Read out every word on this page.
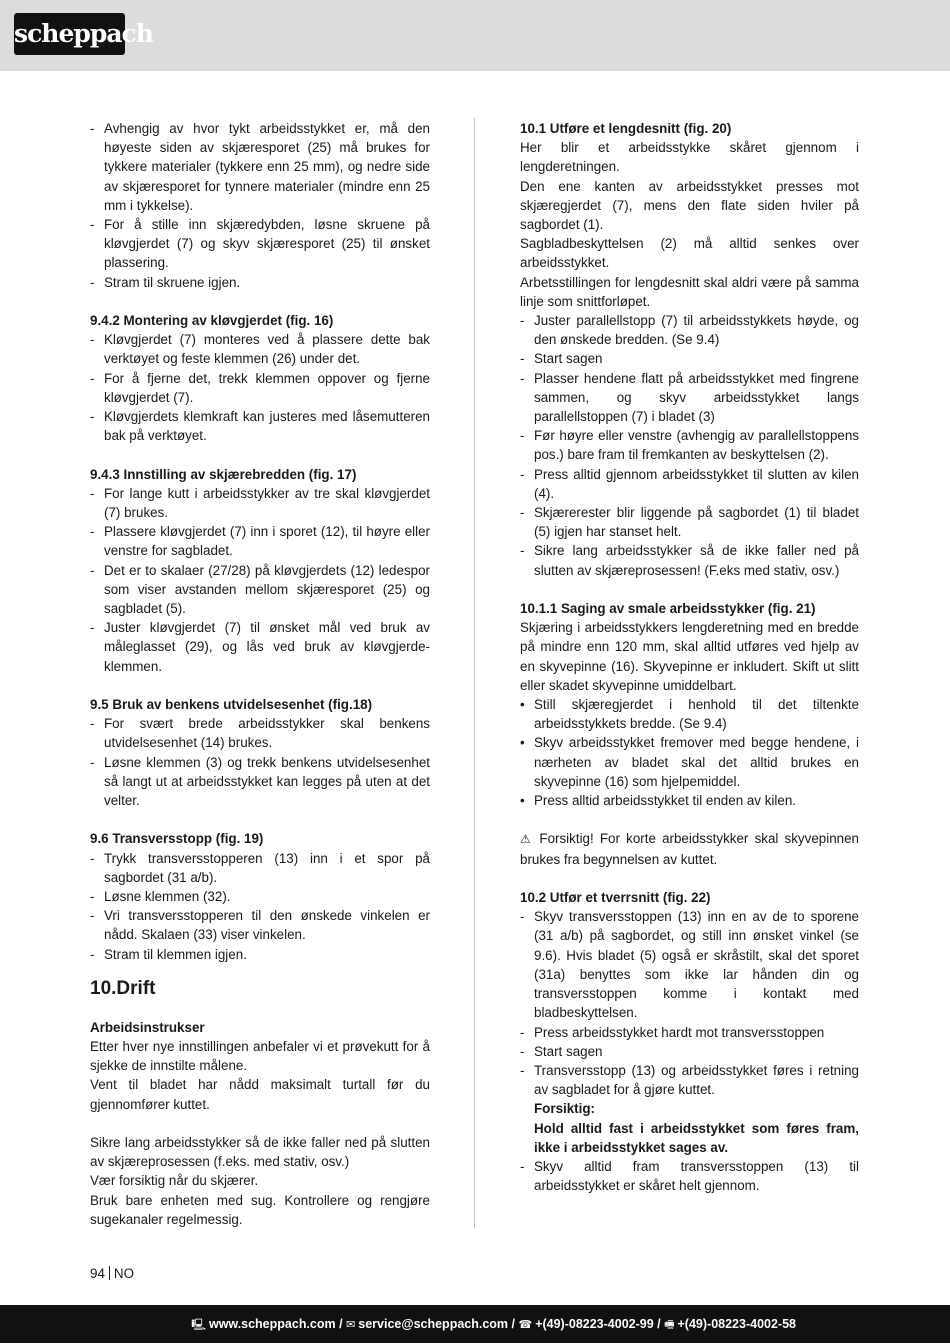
scheppach
- Avhengig av hvor tykt arbeidsstykket er, må den høyeste siden av skjæresporet (25) må brukes for tykkere materialer (tykkere enn 25 mm), og nedre side av skjæresporet for tynnere materialer (mindre enn 25 mm i tykkelse).
- For å stille inn skjæredybden, løsne skruene på kløvgjerdet (7) og skyv skjæresporet (25) til ønsket plassering.
- Stram til skruene igjen.
9.4.2 Montering av kløvgjerdet (fig. 16)
- Kløvgjerdet (7) monteres ved å plassere dette bak verktøyet og feste klemmen (26) under det.
- For å fjerne det, trekk klemmen oppover og fjerne kløvgjerdet (7).
- Kløvgjerdets klemkraft kan justeres med låsemutteren bak på verktøyet.
9.4.3 Innstilling av skjærebredden (fig. 17)
- For lange kutt i arbeidsstykker av tre skal kløvgjerdet (7) brukes.
- Plassere kløvgjerdet (7) inn i sporet (12), til høyre eller venstre for sagbladet.
- Det er to skalaer (27/28) på kløvgjerdets (12) ledespor som viser avstanden mellom skjæresporet (25) og sagbladet (5).
- Juster kløvgjerdet (7) til ønsket mål ved bruk av måleglasset (29), og lås ved bruk av kløvgjerde-klemmen.
9.5 Bruk av benkens utvidelsesenhet (fig.18)
- For svært brede arbeidsstykker skal benkens utvidelsesenhet (14) brukes.
- Løsne klemmen (3) og trekk benkens utvidelsesenhet så langt ut at arbeidsstykket kan legges på uten at det velter.
9.6 Transversstopp (fig. 19)
- Trykk transversstopperen (13) inn i et spor på sagbordet (31 a/b).
- Løsne klemmen (32).
- Vri transversstopperen til den ønskede vinkelen er nådd. Skalaen (33) viser vinkelen.
- Stram til klemmen igjen.
10.Drift
Arbeidsinstrukser

Etter hver nye innstillingen anbefaler vi et prøvekutt for å sjekke de innstilte målene.

Vent til bladet har nådd maksimalt turtall før du gjennomfører kuttet.

Sikre lang arbeidsstykker så de ikke faller ned på slutten av skjæreprosessen (f.eks. med stativ, osv.)

Vær forsiktig når du skjærer.

Bruk bare enheten med sug. Kontrollere og rengjøre sugekanaler regelmessig.

10.1 Utføre et lengdesnitt (fig. 20)

Her blir et arbeidsstykke skåret gjennom i lengderetningen.

Den ene kanten av arbeidsstykket presses mot skjæregjerdet (7), mens den flate siden hviler på sagbordet (1).

Sagbladbeskyttelsen (2) må alltid senkes over arbeidsstykket.

Arbetsstillingen for lengdesnitt skal aldri være på samma linje som snittforløpet.

- Juster parallellstopp (7) til arbeidsstykkets høyde, og den ønskede bredden. (Se 9.4)
- Start sagen
- Plasser hendene flatt på arbeidsstykket med fingrene sammen, og skyv arbeidsstykket langs parallellstoppen (7) i bladet (3)
- Før høyre eller venstre (avhengig av parallellstoppens pos.) bare fram til fremkanten av beskyttelsen (2).
- Press alltid gjennom arbeidsstykket til slutten av kilen (4).
- Skjærerester blir liggende på sagbordet (1) til bladet (5) igjen har stanset helt.
- Sikre lang arbeidsstykker så de ikke faller ned på slutten av skjæreprosessen! (F.eks med stativ, osv.)
10.1.1 Saging av smale arbeidsstykker (fig. 21)

Skjæring i arbeidsstykkers lengderetning med en bredde på mindre enn 120 mm, skal alltid utføres ved hjelp av en skyvepinne (16). Skyvepinne er inkludert. Skift ut slitt eller skadet skyvepinne umiddelbart.

• Still skjæregjerdet i henhold til det tiltenkte arbeidsstykkets bredde. (Se 9.4)
• Skyv arbeidsstykket fremover med begge hendene, i nærheten av bladet skal det alltid brukes en skyvepinne (16) som hjelpemiddel.
• Press alltid arbeidsstykket til enden av kilen.

⚠ Forsiktig! For korte arbeidsstykker skal skyvepinnen brukes fra begynnelsen av kuttet.

10.2 Utfør et tverrsnitt (fig. 22)
- Skyv transversstoppen (13) inn en av de to sporene (31 a/b) på sagbordet, og still inn ønsket vinkel (se 9.6). Hvis bladet (5) også er skråstilt, skal det sporet (31a) benyttes som ikke lar hånden din og transversstoppen komme i kontakt med bladbeskyttelsen.
- Press arbeidsstykket hardt mot transversstoppen
- Start sagen
- Transversstopp (13) og arbeidsstykket føres i retning av sagbladet for å gjøre kuttet.
Forsiktig:
Hold alltid fast i arbeidsstykket som føres fram, ikke i arbeidsstykket sages av.
- Skyv alltid fram transversstoppen (13) til arbeidsstykket er skåret helt gjennom.
94 NO
🖳 www.scheppach.com / ✉ service@scheppach.com / ☎ +(49)-08223-4002-99 / 🖷 +(49)-08223-4002-58
